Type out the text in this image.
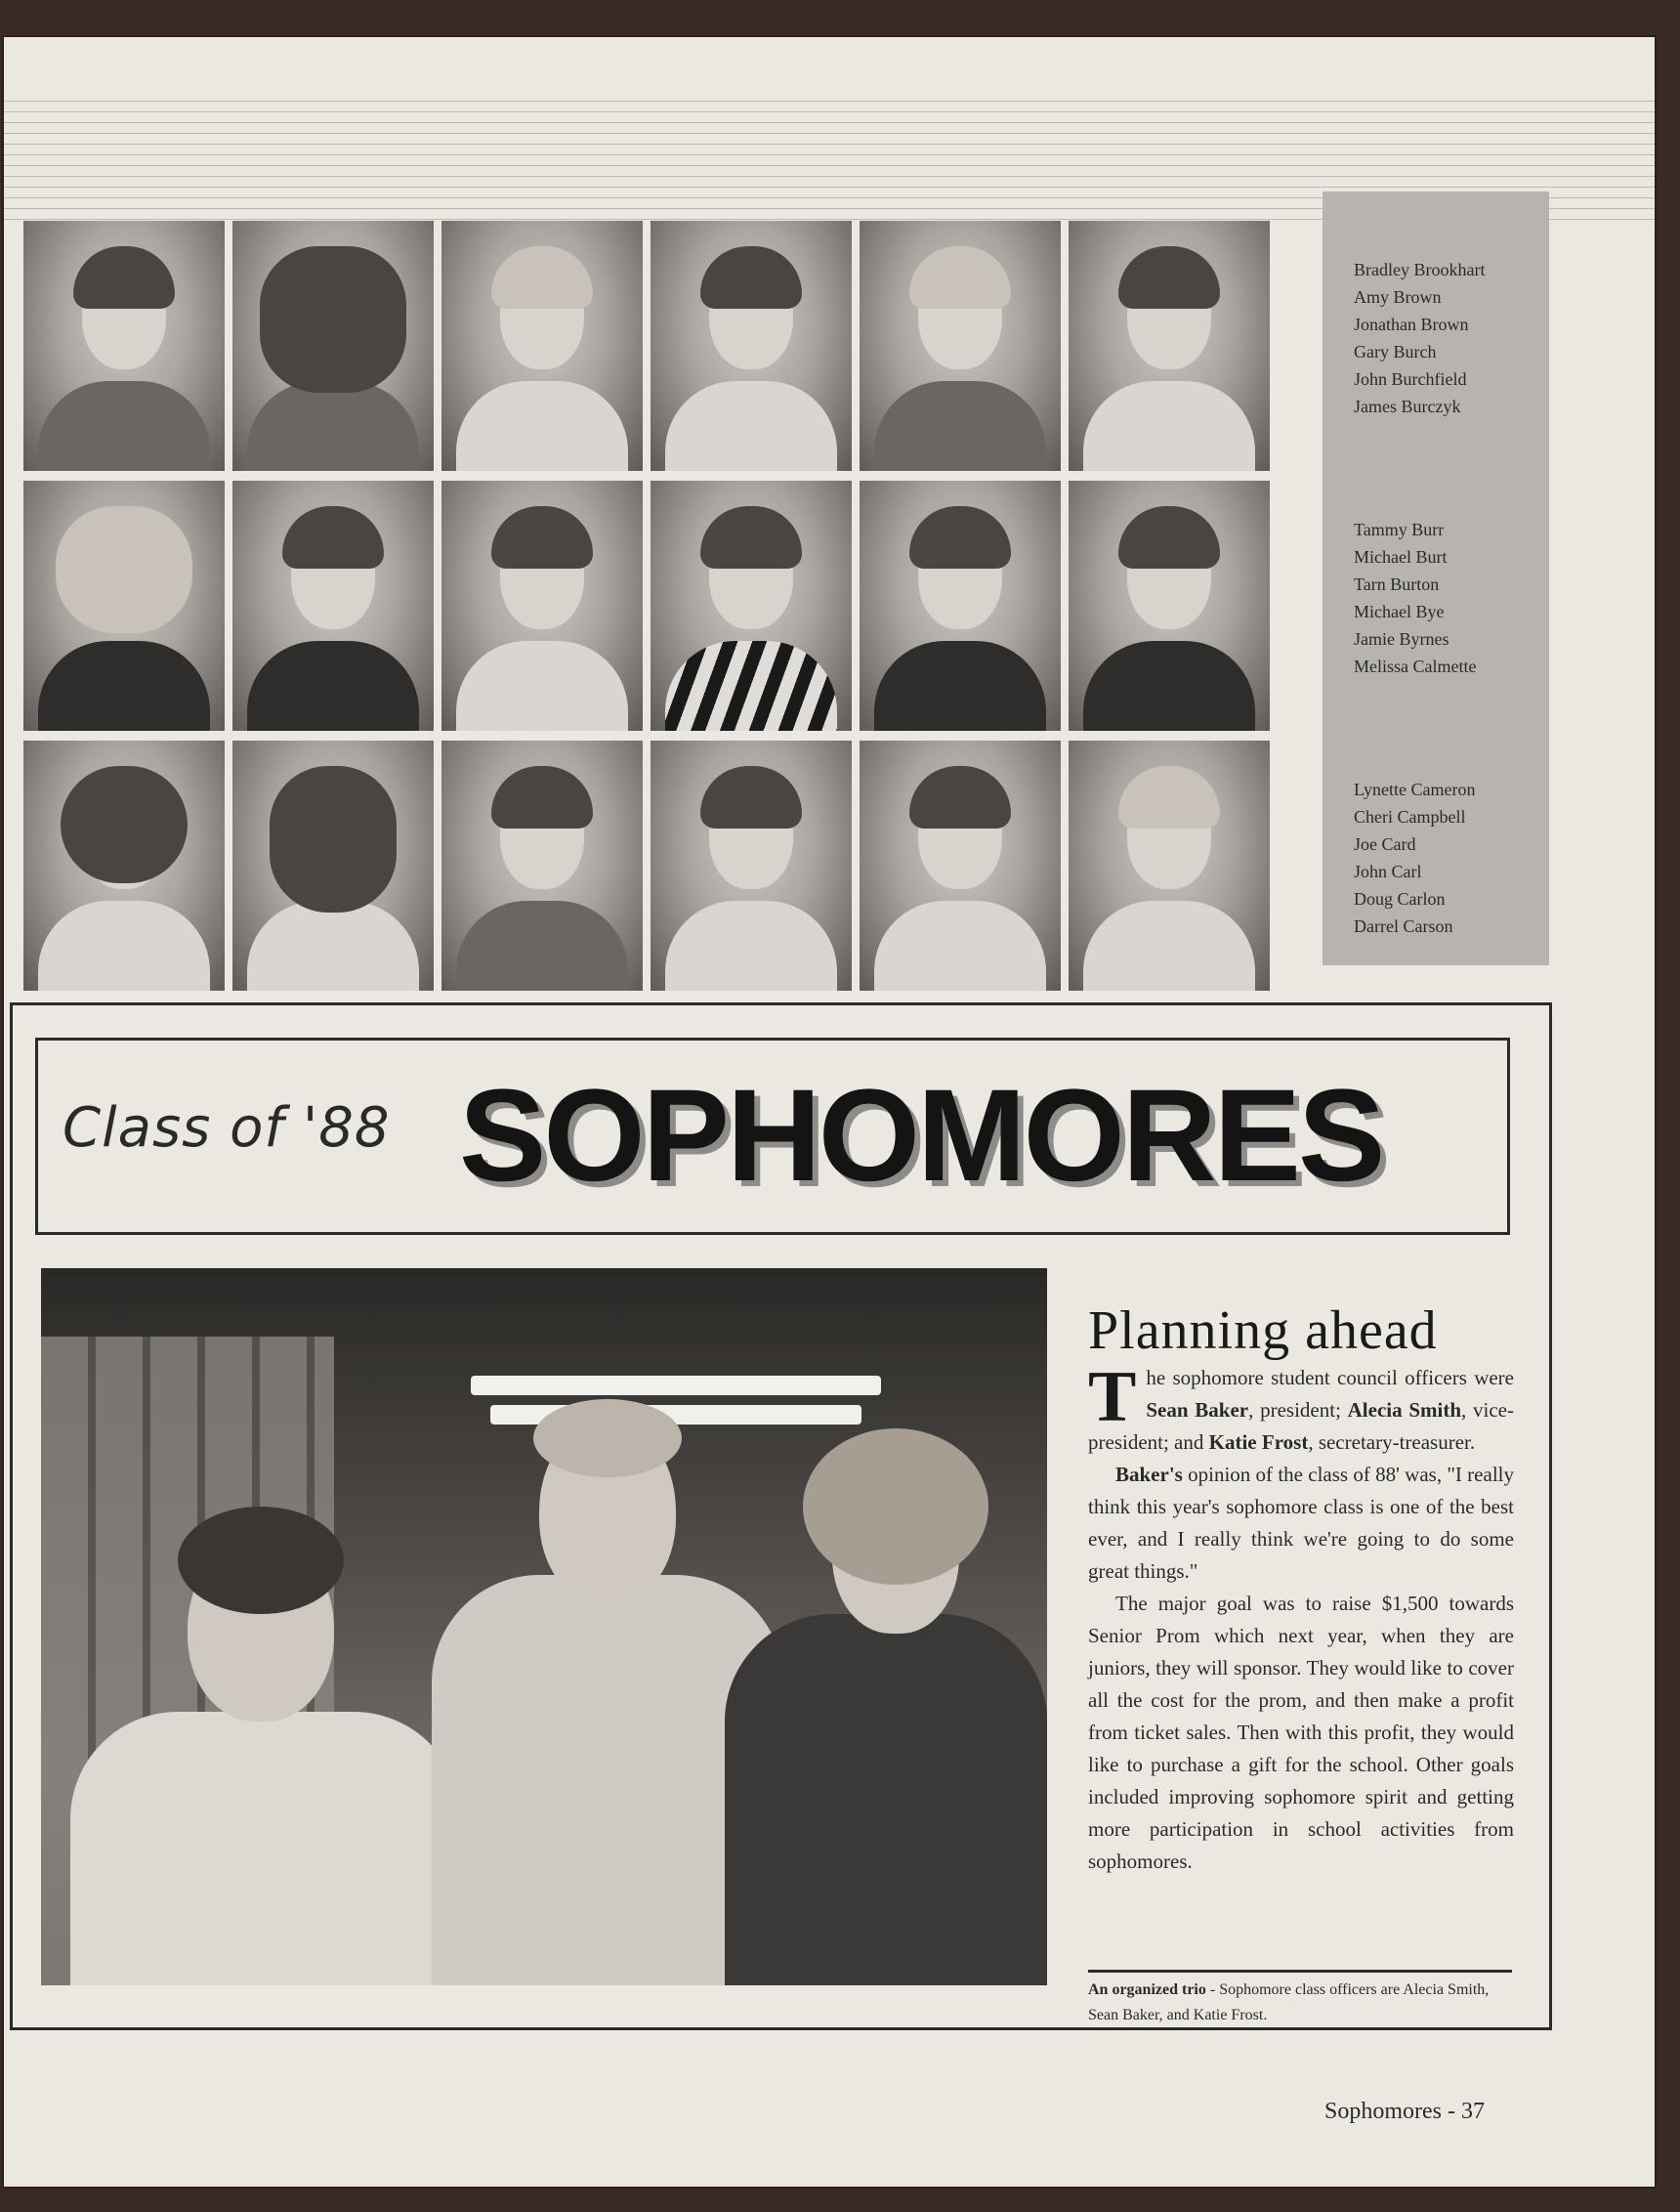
Bradley Brookhart
Amy Brown
Jonathan Brown
Gary Burch
John Burchfield
James Burczyk
Tammy Burr
Michael Burt
Tarn Burton
Michael Bye
Jamie Byrnes
Melissa Calmette
Lynette Cameron
Cheri Campbell
Joe Card
John Carl
Doug Carlon
Darrel Carson
Class of '88 SOPHOMORES
Planning ahead

The sophomore student council officers were Sean Baker, president; Alecia Smith, vice-president; and Katie Frost, secretary-treasurer.

Baker's opinion of the class of 88' was, "I really think this year's sophomore class is one of the best ever, and I really think we're going to do some great things."

The major goal was to raise $1,500 towards Senior Prom which next year, when they are juniors, they will sponsor. They would like to cover all the cost for the prom, and then make a profit from ticket sales. Then with this profit, they would like to purchase a gift for the school. Other goals included improving sophomore spirit and getting more participation in school activities from sophomores.

An organized trio - Sophomore class officers are Alecia Smith, Sean Baker, and Katie Frost.
Sophomores - 37
